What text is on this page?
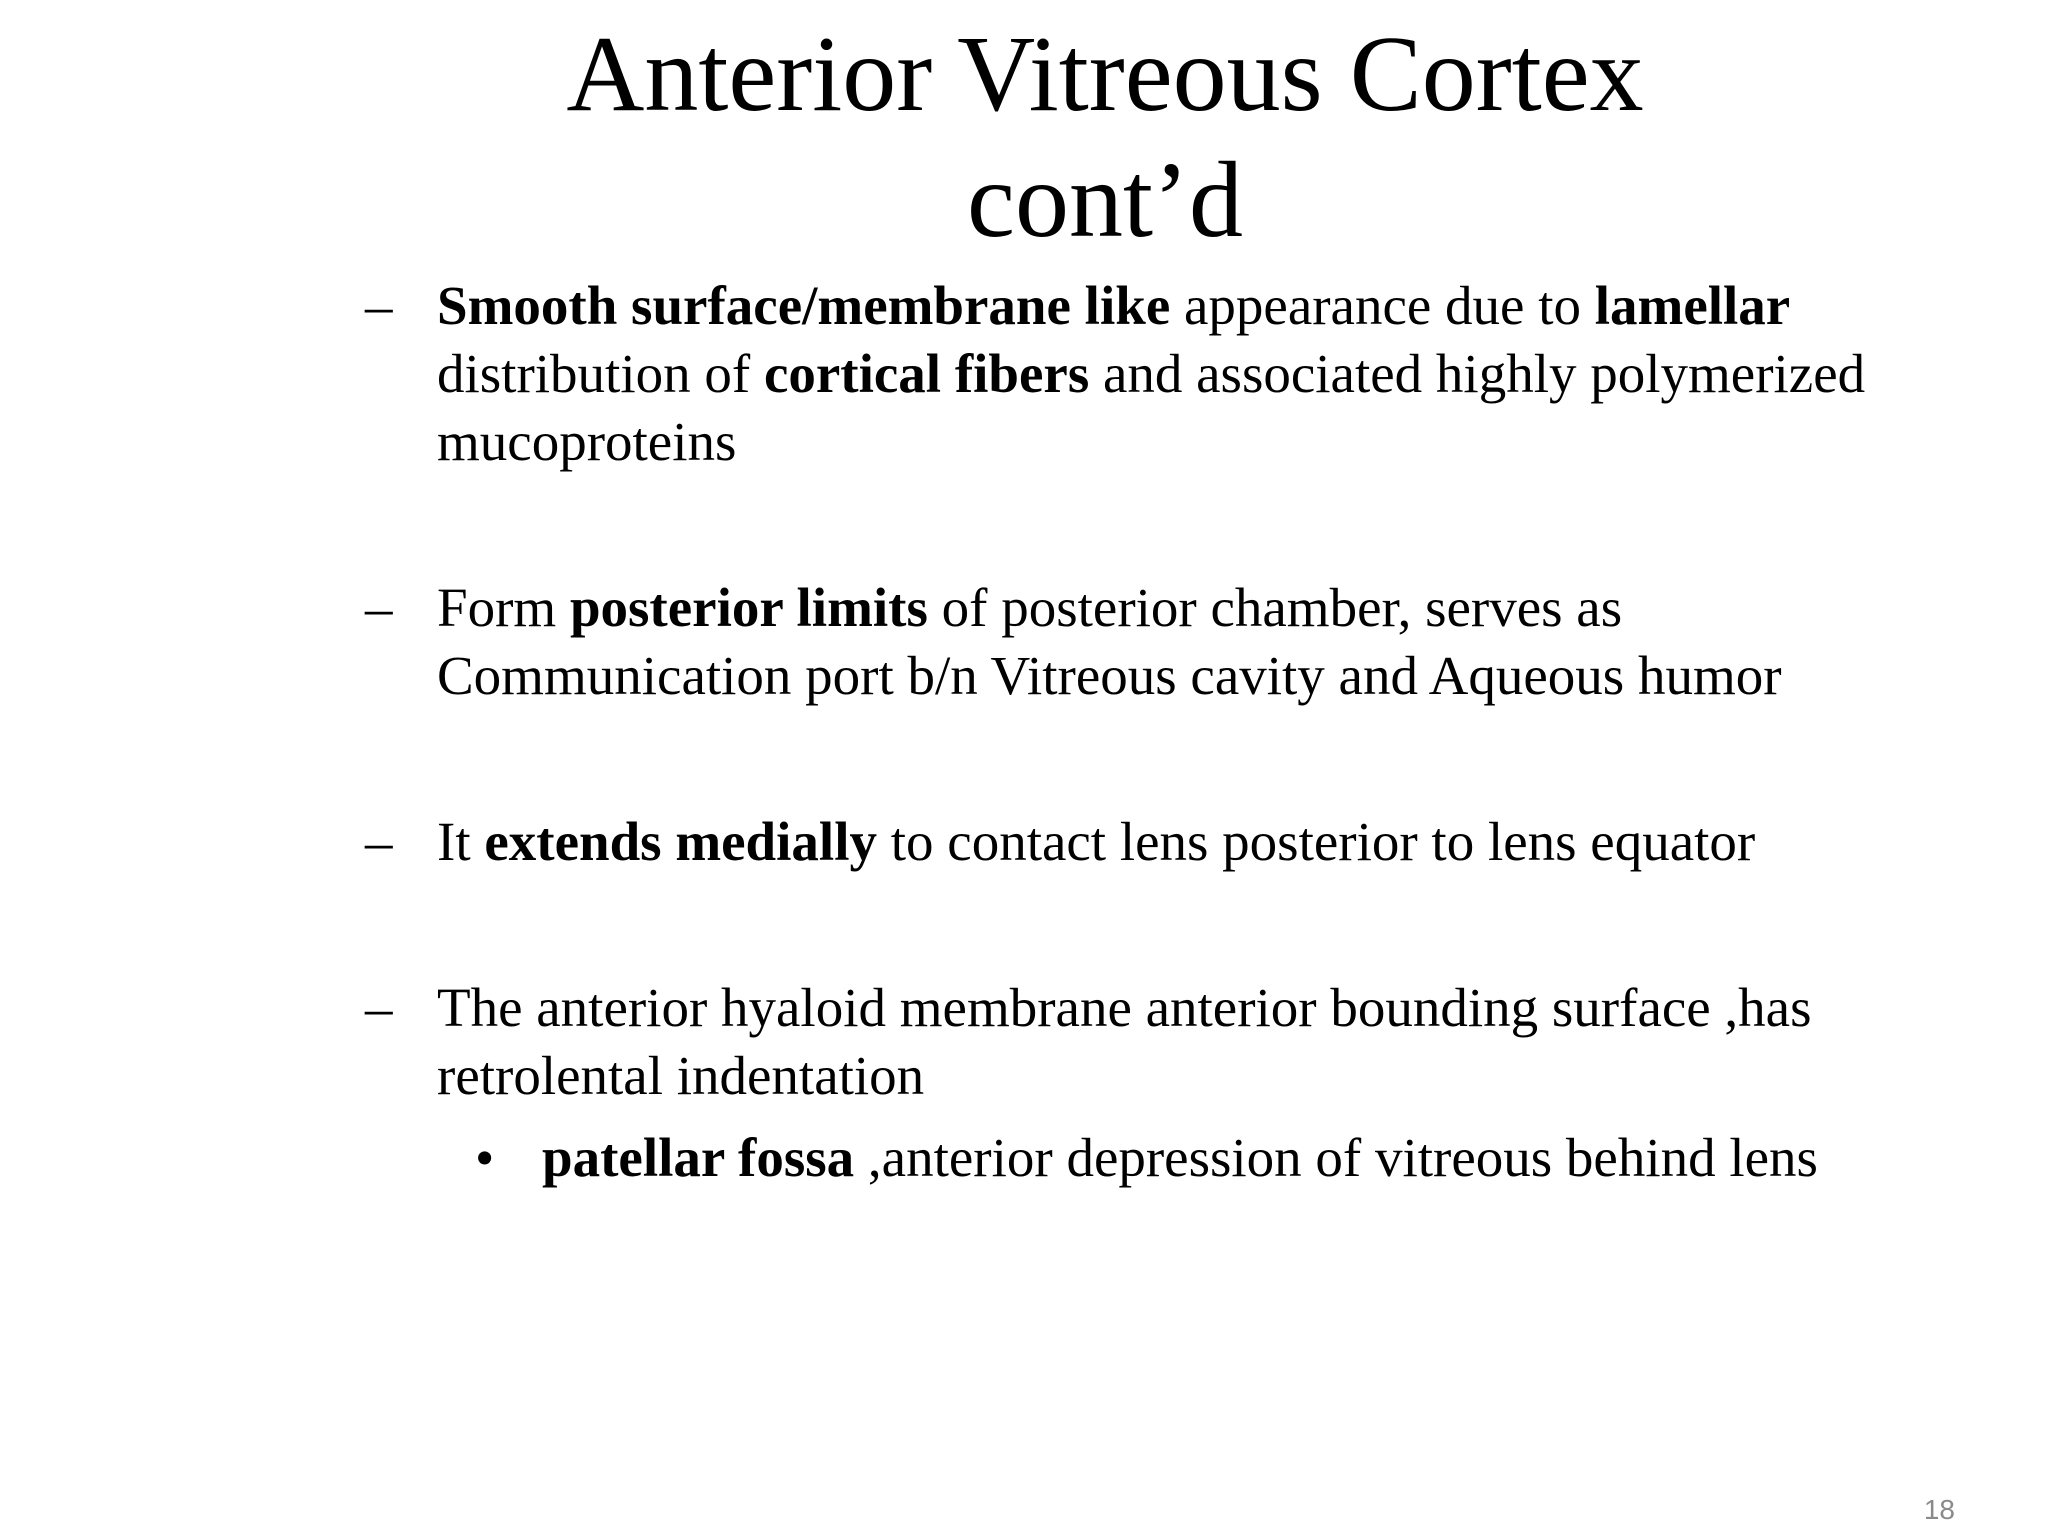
Anterior Vitreous Cortex
cont’d
– Smooth surface/membrane like appearance due to lamellar distribution of cortical fibers and associated highly polymerized mucoproteins
– Form posterior limits of posterior chamber, serves as Communication port b/n Vitreous cavity and Aqueous humor
– It extends medially to contact lens posterior to lens equator
– The anterior hyaloid membrane anterior bounding surface ,has retrolental indentation
• patellar fossa ,anterior depression of vitreous behind lens
18
